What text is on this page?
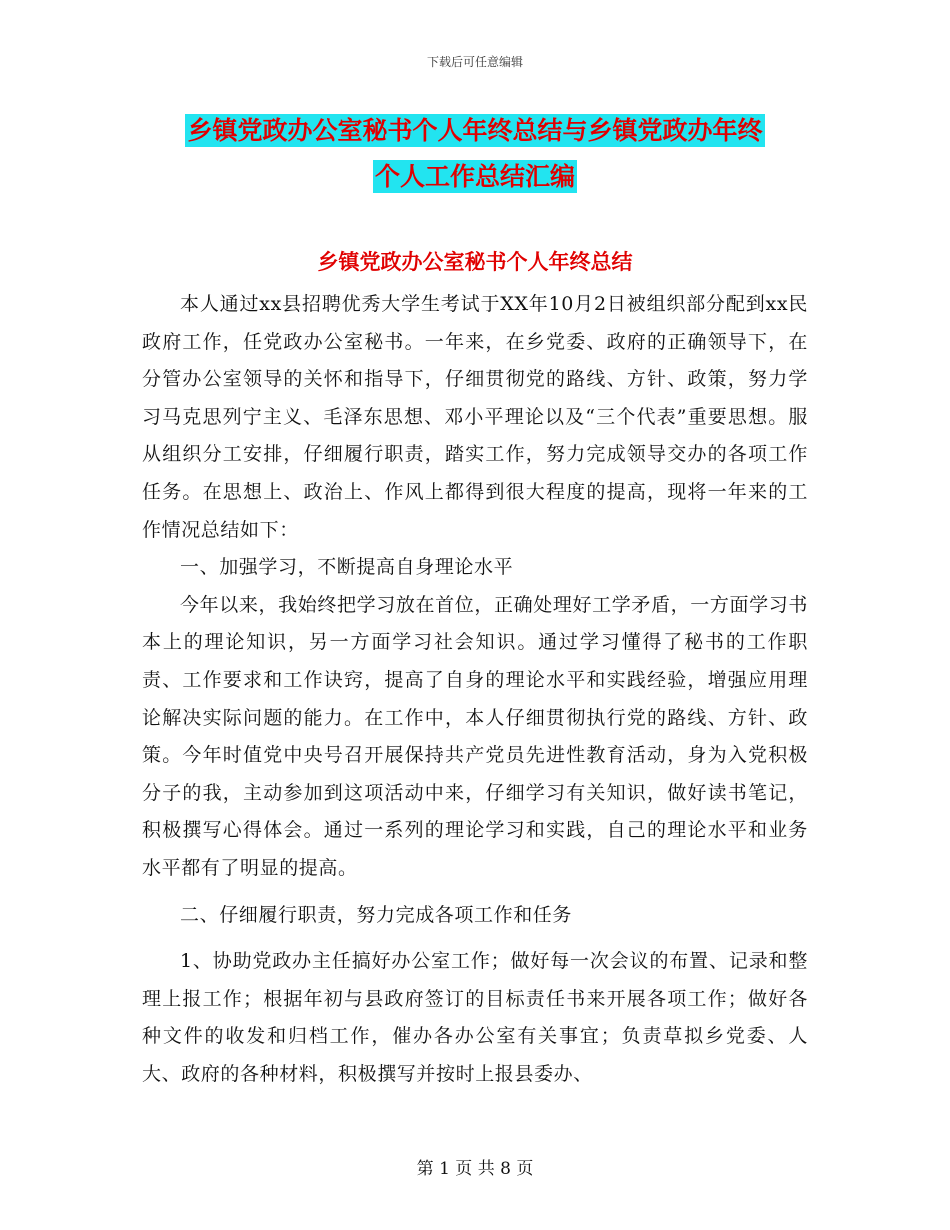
下载后可任意编辑
乡镇党政办公室秘书个人年终总结与乡镇党政办年终
个人工作总结汇编
乡镇党政办公室秘书个人年终总结

本人通过xx县招聘优秀大学生考试于XX年10月2日被组织部分配到xx民政府工作，任党政办公室秘书。一年来，在乡党委、政府的正确领导下，在分管办公室领导的关怀和指导下，仔细贯彻党的路线、方针、政策，努力学习马克思列宁主义、毛泽东思想、邓小平理论以及“三个代表”重要思想。服从组织分工安排，仔细履行职责，踏实工作，努力完成领导交办的各项工作任务。在思想上、政治上、作风上都得到很大程度的提高，现将一年来的工作情况总结如下：

一、加强学习，不断提高自身理论水平

今年以来，我始终把学习放在首位，正确处理好工学矛盾，一方面学习书本上的理论知识，另一方面学习社会知识。通过学习懂得了秘书的工作职责、工作要求和工作诀窍，提高了自身的理论水平和实践经验，增强应用理论解决实际问题的能力。在工作中，本人仔细贯彻执行党的路线、方针、政策。今年时值党中央号召开展保持共产党员先进性教育活动，身为入党积极分子的我，主动参加到这项活动中来，仔细学习有关知识，做好读书笔记，积极撰写心得体会。通过一系列的理论学习和实践，自己的理论水平和业务水平都有了明显的提高。

二、仔细履行职责，努力完成各项工作和任务

1、协助党政办主任搞好办公室工作；做好每一次会议的布置、记录和整理上报工作；根据年初与县政府签订的目标责任书来开展各项工作；做好各种文件的收发和归档工作，催办各办公室有关事宜；负责草拟乡党委、人大、政府的各种材料，积极撰写并按时上报县委办、

第 1 页 共 8 页
